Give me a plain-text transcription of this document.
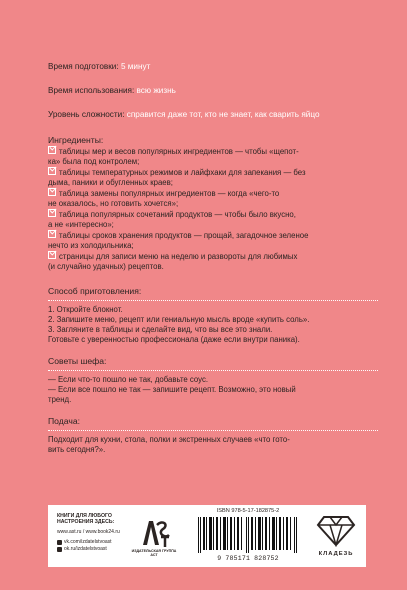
Время подготовки: 5 минут
Время использования: всю жизнь
Уровень сложности: справится даже тот, кто не знает, как сварить яйцо
Ингредиенты:
таблицы мер и весов популярных ингредиентов — чтобы «щепот-
ка» была под контролем;
таблицы температурных режимов и лайфхаки для запекания — без
дыма, паники и обугленных краев;
таблица замены популярных ингредиентов — когда «чего-то
не оказалось, но готовить хочется»;
таблица популярных сочетаний продуктов — чтобы было вкусно,
а не «интересно»;
таблицы сроков хранения продуктов — прощай, загадочное зеленое
нечто из холодильника;
страницы для записи меню на неделю и развороты для любимых
(и случайно удачных) рецептов.
Способ приготовления:
1. Откройте блокнот.
2. Запишите меню, рецепт или гениальную мысль вроде «купить соль».
3. Загляните в таблицы и сделайте вид, что вы все это знали.
Готовьте с уверенностью профессионала (даже если внутри паника).
Советы шефа:
— Если что-то пошло не так, добавьте соус.
— Если все пошло не так — запишите рецепт. Возможно, это новый
тренд.
Подача:
Подходит для кухни, стола, полки и экстренных случаев «что гото-
вить сегодня?».
КНИГИ ДЛЯ ЛЮБОГО НАСТРОЕНИЯ ЗДЕСЬ:
www.ast.ru / www.book24.ru
vk.com/izdatelstvoast
ok.ru/izdatelstvoast	ИЗДАТЕЛЬСКАЯ ГРУППА АСТ
ISBN 978-5-17-182875-2
9 785171 828752
КЛАДЕЗЬ
